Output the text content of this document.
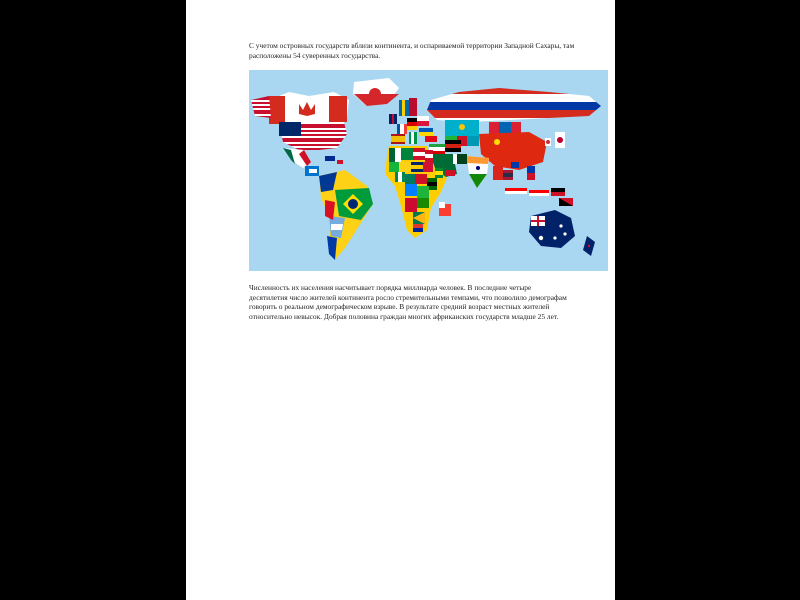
С учетом островных государств вблизи континента, и оспариваемой территории Западной Сахары, там расположены 54 суверенных государства.

Численность их населения насчитывает порядка миллиарда человек. В последние четыре десятилетия число жителей континента росло стремительными темпами, что позволило демографам говорить о реальном демографическом взрыве. В результате средний возраст местных жителей относительно невысок. Добрая половина граждан многих африканских государств младше 25 лет.
